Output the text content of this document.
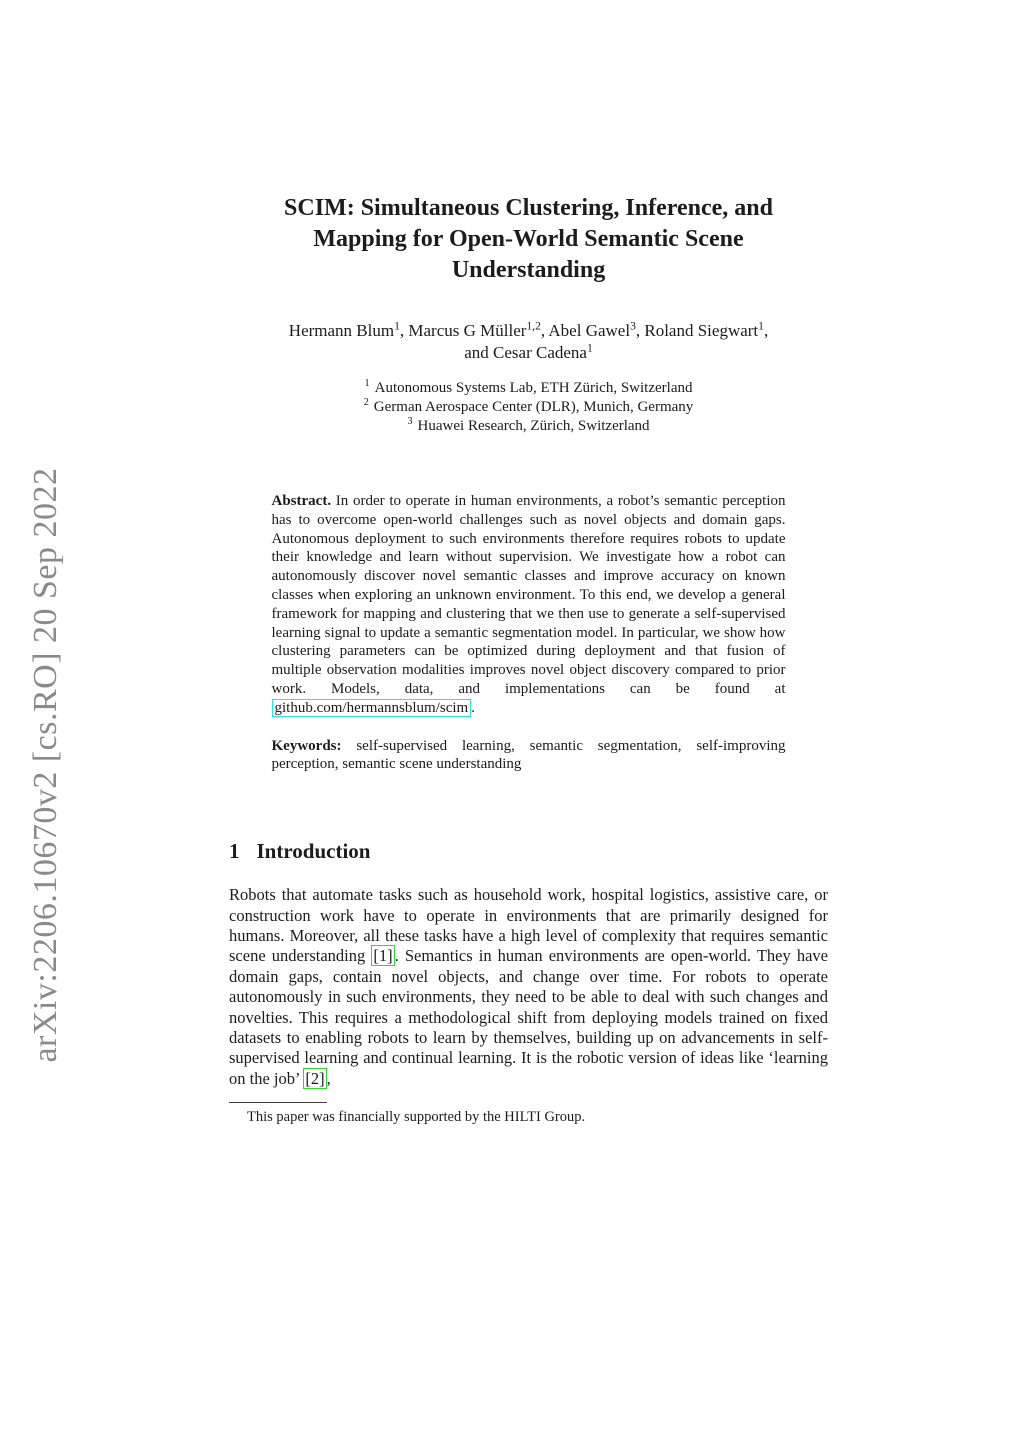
arXiv:2206.10670v2 [cs.RO] 20 Sep 2022
SCIM: Simultaneous Clustering, Inference, and
Mapping for Open-World Semantic Scene
Understanding
Hermann Blum$^1$, Marcus G Müller$^{1,2}$, Abel Gawel$^3$, Roland Siegwart$^1$,
and Cesar Cadena$^1$
$^1$ Autonomous Systems Lab, ETH Zürich, Switzerland
$^2$ German Aerospace Center (DLR), Munich, Germany
$^3$ Huawei Research, Zürich, Switzerland
Abstract. In order to operate in human environments, a robot’s semantic perception has to overcome open-world challenges such as novel objects and domain gaps. Autonomous deployment to such environments therefore requires robots to update their knowledge and learn without supervision. We investigate how a robot can autonomously discover novel semantic classes and improve accuracy on known classes when exploring an unknown environment. To this end, we develop a general framework for mapping and clustering that we then use to generate a self-supervised learning signal to update a semantic segmentation model. In particular, we show how clustering parameters can be optimized during deployment and that fusion of multiple observation modalities improves novel object discovery compared to prior work. Models, data, and implementations can be found at github.com/hermannsblum/scim .
Keywords: self-supervised learning, semantic segmentation, self-improving perception, semantic scene understanding
1 Introduction
Robots that automate tasks such as household work, hospital logistics, assistive care, or construction work have to operate in environments that are primarily designed for humans. Moreover, all these tasks have a high level of complexity that requires semantic scene understanding [1] . Semantics in human environments are open-world. They have domain gaps, contain novel objects, and change over time. For robots to operate autonomously in such environments, they need to be able to deal with such changes and novelties. This requires a methodological shift from deploying models trained on fixed datasets to enabling robots to learn by themselves, building up on advancements in self-supervised learning and continual learning. It is the robotic version of ideas like ‘learning on the job’ [2] ,
This paper was financially supported by the HILTI Group.
